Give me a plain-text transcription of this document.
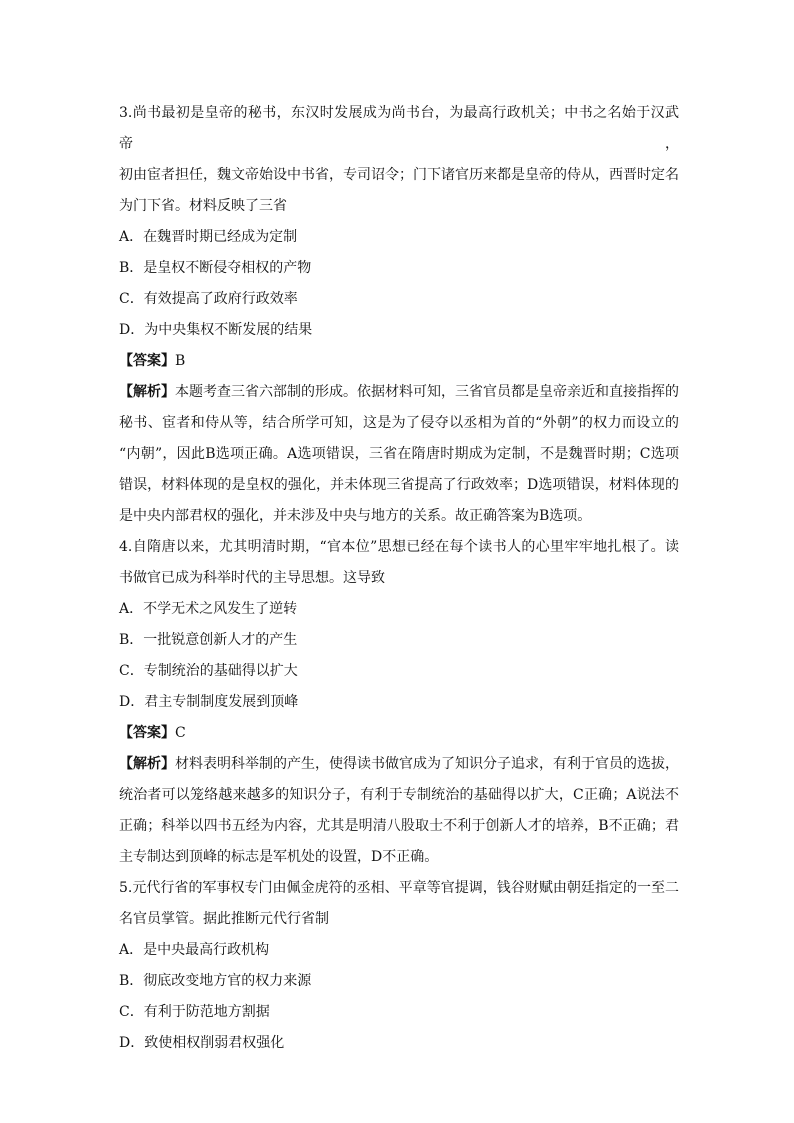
3.尚书最初是皇帝的秘书，东汉时发展成为尚书台，为最高行政机关；中书之名始于汉武帝，

初由宦者担任，魏文帝始设中书省，专司诏令；门下诸官历来都是皇帝的侍从，西晋时定名

为门下省。材料反映了三省

A．在魏晋时期已经成为定制
B．是皇权不断侵夺相权的产物
C．有效提高了政府行政效率
D．为中央集权不断发展的结果

【答案】B

【解析】本题考查三省六部制的形成。依据材料可知，三省官员都是皇帝亲近和直接指挥的

秘书、宦者和侍从等，结合所学可知，这是为了侵夺以丞相为首的“外朝”的权力而设立的

“内朝”，因此B选项正确。A选项错误，三省在隋唐时期成为定制，不是魏晋时期；C选项

错误，材料体现的是皇权的强化，并未体现三省提高了行政效率；D选项错误，材料体现的

是中央内部君权的强化，并未涉及中央与地方的关系。故正确答案为B选项。

4.自隋唐以来，尤其明清时期，“官本位”思想已经在每个读书人的心里牢牢地扎根了。读

书做官已成为科举时代的主导思想。这导致

A．不学无术之风发生了逆转
B．一批锐意创新人才的产生
C．专制统治的基础得以扩大
D．君主专制制度发展到顶峰

【答案】C

【解析】材料表明科举制的产生，使得读书做官成为了知识分子追求，有利于官员的选拔，

统治者可以笼络越来越多的知识分子，有利于专制统治的基础得以扩大，C正确；A说法不

正确；科举以四书五经为内容，尤其是明清八股取士不利于创新人才的培养，B不正确；君

主专制达到顶峰的标志是军机处的设置，D不正确。

5.元代行省的军事权专门由佩金虎符的丞相、平章等官提调，钱谷财赋由朝廷指定的一至二

名官员掌管。据此推断元代行省制

A．是中央最高行政机构
B．彻底改变地方官的权力来源
C．有利于防范地方割据
D．致使相权削弱君权强化
